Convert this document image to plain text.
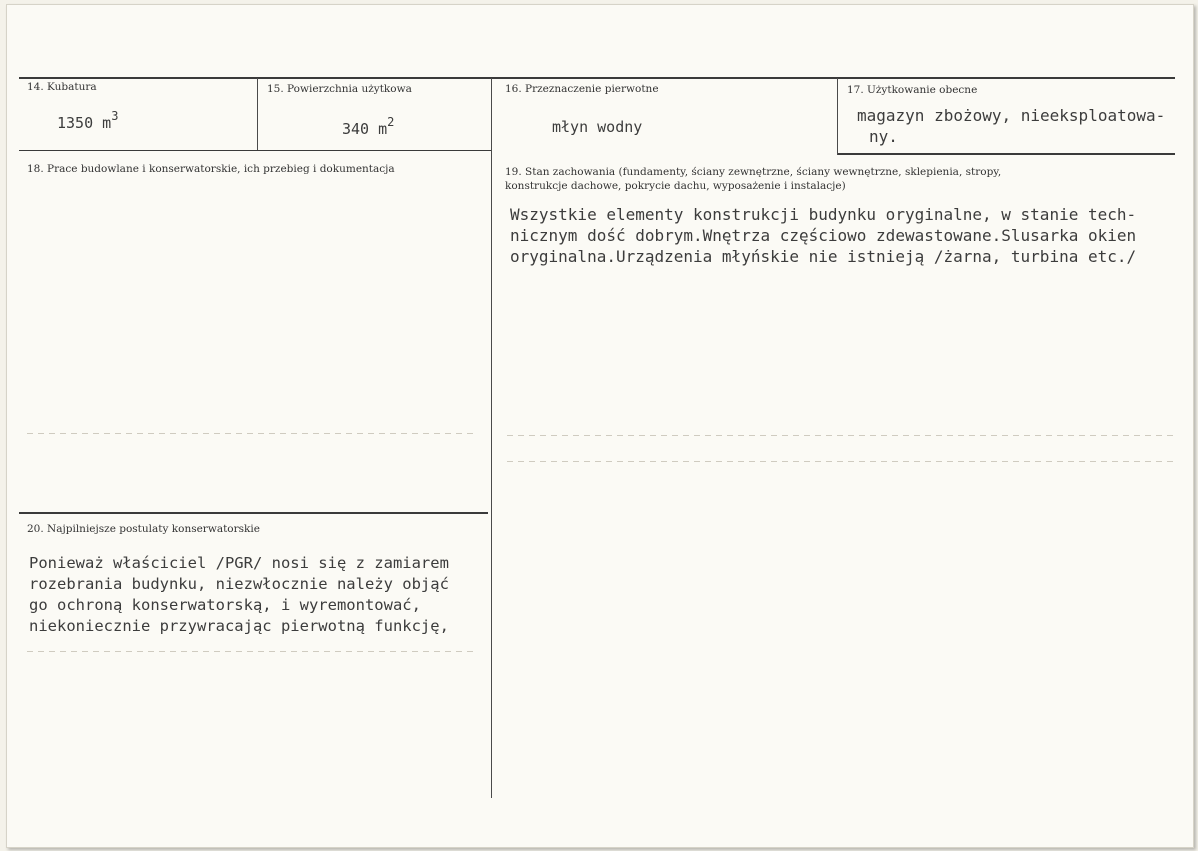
14. Kubatura
1350 $m^3$
15. Powierzchnia użytkowa
340 $m^2$
16. Przeznaczenie pierwotne
młyn wodny
17. Użytkowanie obecne
magazyn zbożowy, nieeksploatowa-
ny.
18. Prace budowlane i konserwatorskie, ich przebieg i dokumentacja	19. Stan zachowania (fundamenty, ściany zewnętrzne, ściany wewnętrzne, sklepienia, stropy,
konstrukcje dachowe, pokrycie dachu, wyposażenie i instalacje)
Wszystkie elementy konstrukcji budynku oryginalne, w stanie tech-
nicznym dość dobrym.Wnętrza częściowo zdewastowane.Slusarka okien
oryginalna.Urządzenia młyńskie nie istnieją /żarna, turbina etc./
20. Najpilniejsze postulaty konserwatorskie
Ponieważ właściciel /PGR/ nosi się z zamiarem
rozebrania budynku, niezwłocznie należy objąć
go ochroną konserwatorską, i wyremontować,
niekoniecznie przywracając pierwotną funkcję,
